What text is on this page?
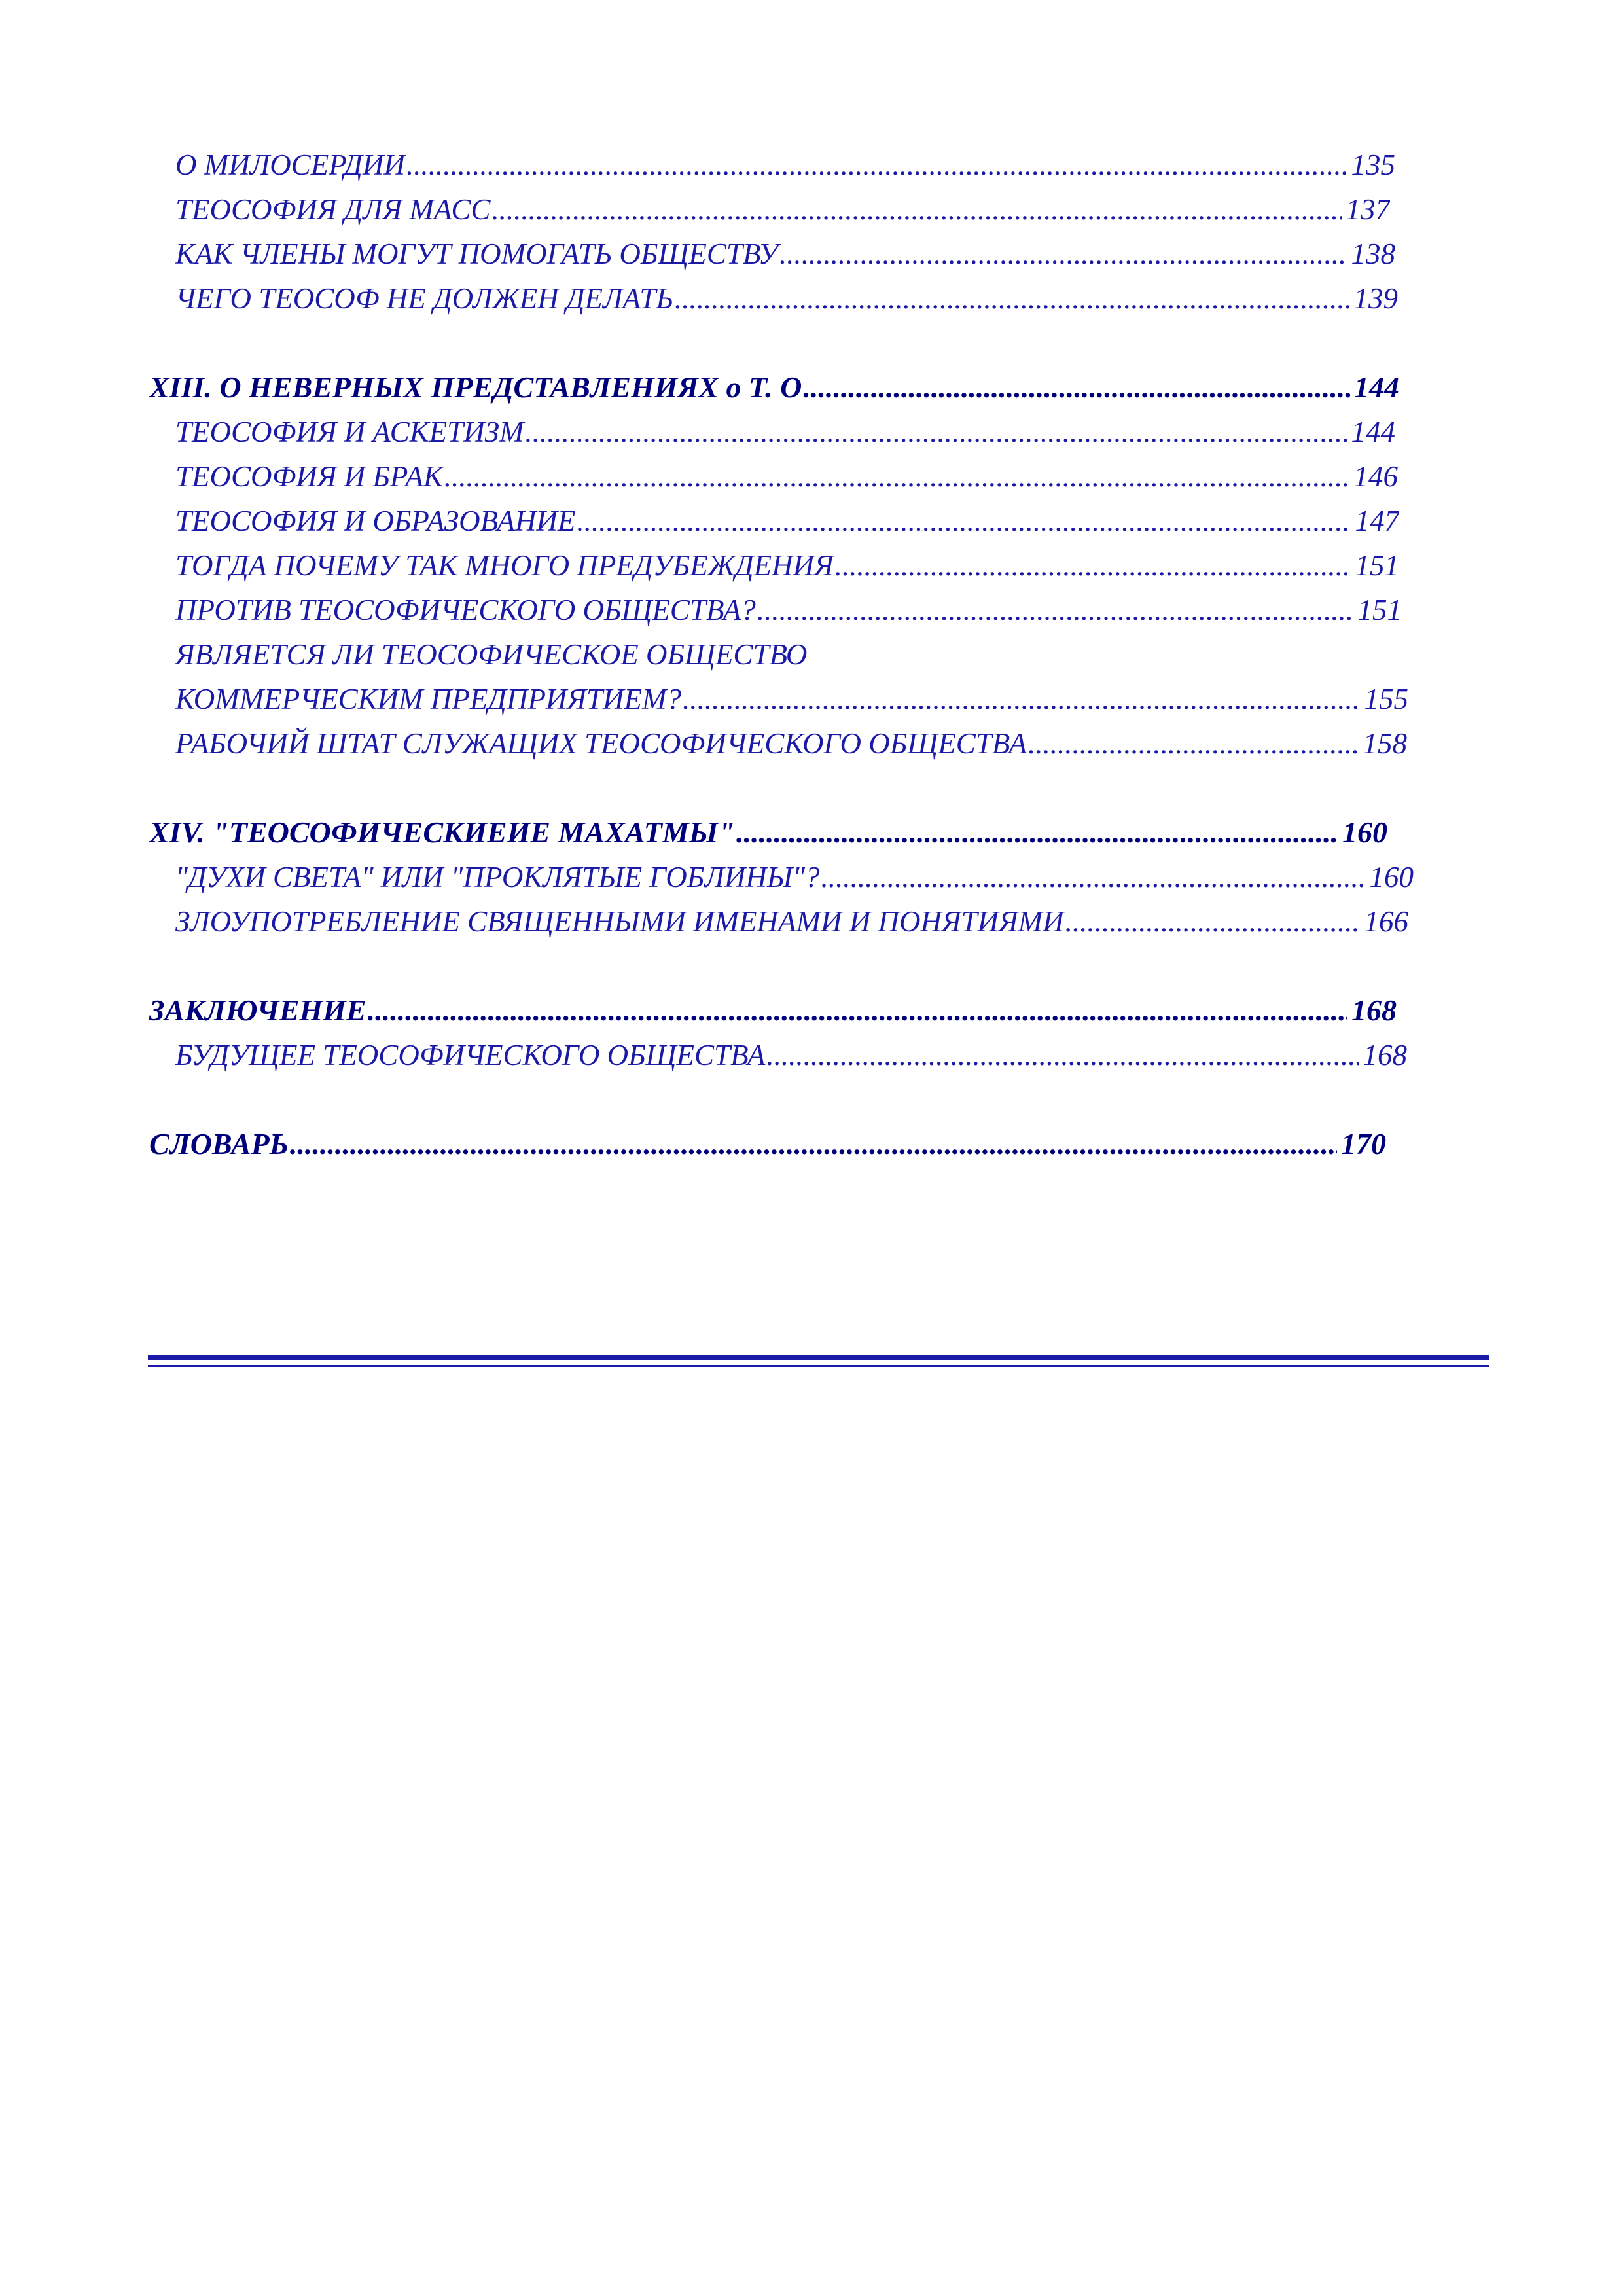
О МИЛОСЕРДИИ .....	135
ТЕОСОФИЯ ДЛЯ МАСС .....	137
КАК ЧЛЕНЫ МОГУТ ПОМОГАТЬ ОБЩЕСТВУ .....	138
ЧЕГО ТЕОСОФ НЕ ДОЛЖЕН ДЕЛАТЬ .....	139
XIII. О НЕВЕРНЫХ ПРЕДСТАВЛЕНИЯХ о Т. О .....	144
ТЕОСОФИЯ И АСКЕТИЗМ .....	144
ТЕОСОФИЯ И БРАК .....	146
ТЕОСОФИЯ И ОБРАЗОВАНИЕ .....	147
ТОГДА ПОЧЕМУ ТАК МНОГО ПРЕДУБЕЖДЕНИЯ .....	151
ПРОТИВ ТЕОСОФИЧЕСКОГО ОБЩЕСТВА? .....	151
ЯВЛЯЕТСЯ ЛИ ТЕОСОФИЧЕСКОЕ ОБЩЕСТВО
КОММЕРЧЕСКИМ ПРЕДПРИЯТИЕМ? .....	155
РАБОЧИЙ ШТАТ СЛУЖАЩИХ ТЕОСОФИЧЕСКОГО ОБЩЕСТВА .....	158
XIV. "ТЕОСОФИЧЕСКИЕИЕ МАХАТМЫ" .....	160
"ДУХИ СВЕТА" ИЛИ "ПРОКЛЯТЫЕ ГОБЛИНЫ"? .....	160
ЗЛОУПОТРЕБЛЕНИЕ СВЯЩЕННЫМИ ИМЕНАМИ И ПОНЯТИЯМИ .....	166
ЗАКЛЮЧЕНИЕ .....	168
БУДУЩЕЕ ТЕОСОФИЧЕСКОГО ОБЩЕСТВА .....	168
СЛОВАРЬ .....	170
